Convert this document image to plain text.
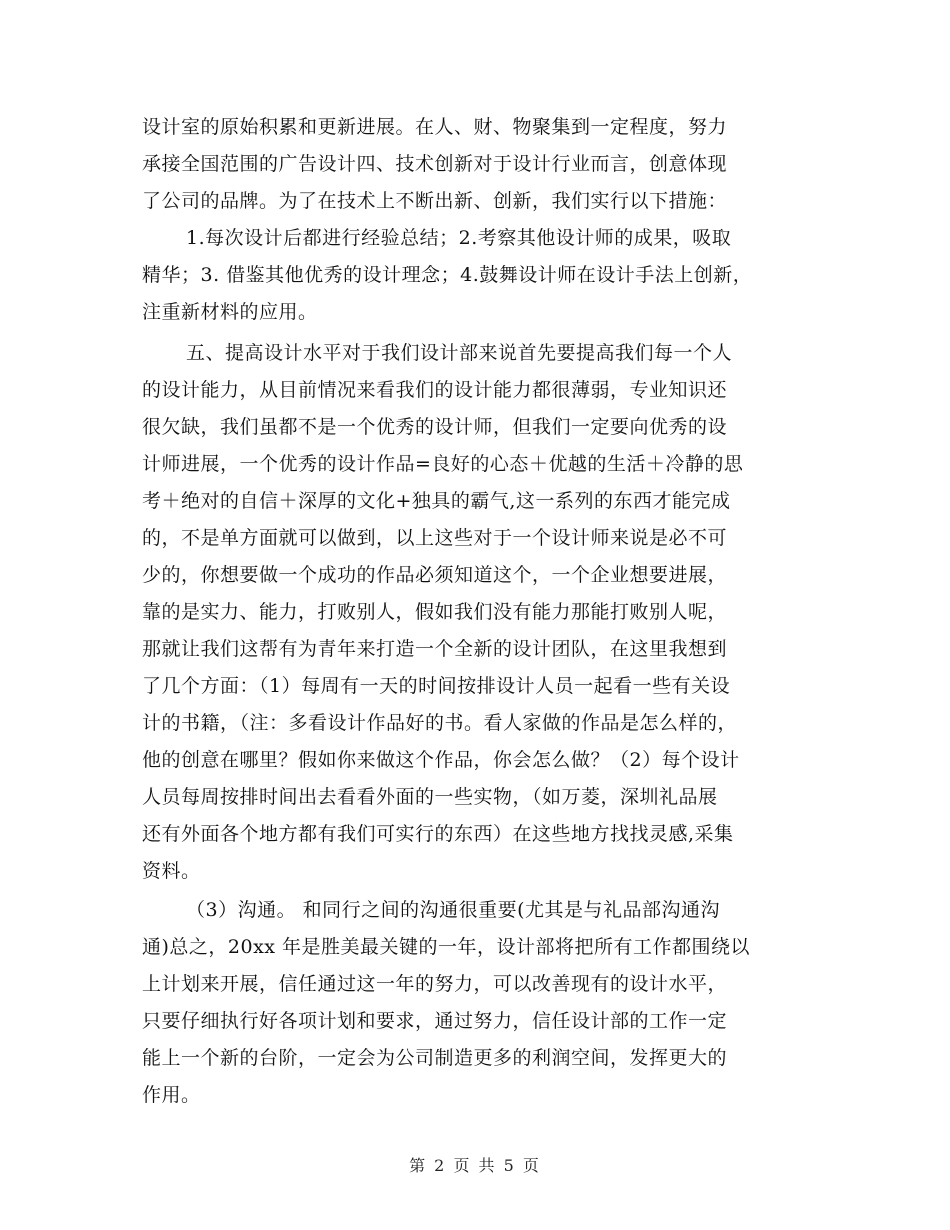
设计室的原始积累和更新进展。在人、财、物聚集到一定程度，努力
承接全国范围的广告设计四、技术创新对于设计行业而言，创意体现
了公司的品牌。为了在技术上不断出新、创新，我们实行以下措施：
1.每次设计后都进行经验总结；2.考察其他设计师的成果，吸取
精华；3. 借鉴其他优秀的设计理念；4.鼓舞设计师在设计手法上创新，
注重新材料的应用。
五、提高设计水平对于我们设计部来说首先要提高我们每一个人
的设计能力，从目前情况来看我们的设计能力都很薄弱，专业知识还
很欠缺，我们虽都不是一个优秀的设计师，但我们一定要向优秀的设
计师进展，一个优秀的设计作品=良好的心态＋优越的生活＋冷静的思
考＋绝对的自信＋深厚的文化+独具的霸气,这一系列的东西才能完成
的，不是单方面就可以做到，以上这些对于一个设计师来说是必不可
少的，你想要做一个成功的作品必须知道这个，一个企业想要进展，
靠的是实力、能力，打败别人，假如我们没有能力那能打败别人呢，
那就让我们这帮有为青年来打造一个全新的设计团队，在这里我想到
了几个方面：（1）每周有一天的时间按排设计人员一起看一些有关设
计的书籍，（注：多看设计作品好的书。看人家做的作品是怎么样的，
他的创意在哪里？假如你来做这个作品，你会怎么做？（2）每个设计
人员每周按排时间出去看看外面的一些实物，（如万菱，深圳礼品展
还有外面各个地方都有我们可实行的东西）在这些地方找找灵感,采集
资料。
（3）沟通。 和同行之间的沟通很重要(尤其是与礼品部沟通沟
通)总之，20xx 年是胜美最关键的一年，设计部将把所有工作都围绕以
上计划来开展，信任通过这一年的努力，可以改善现有的设计水平，
只要仔细执行好各项计划和要求，通过努力，信任设计部的工作一定
能上一个新的台阶，一定会为公司制造更多的利润空间，发挥更大的
作用。
第 2 页 共 5 页
